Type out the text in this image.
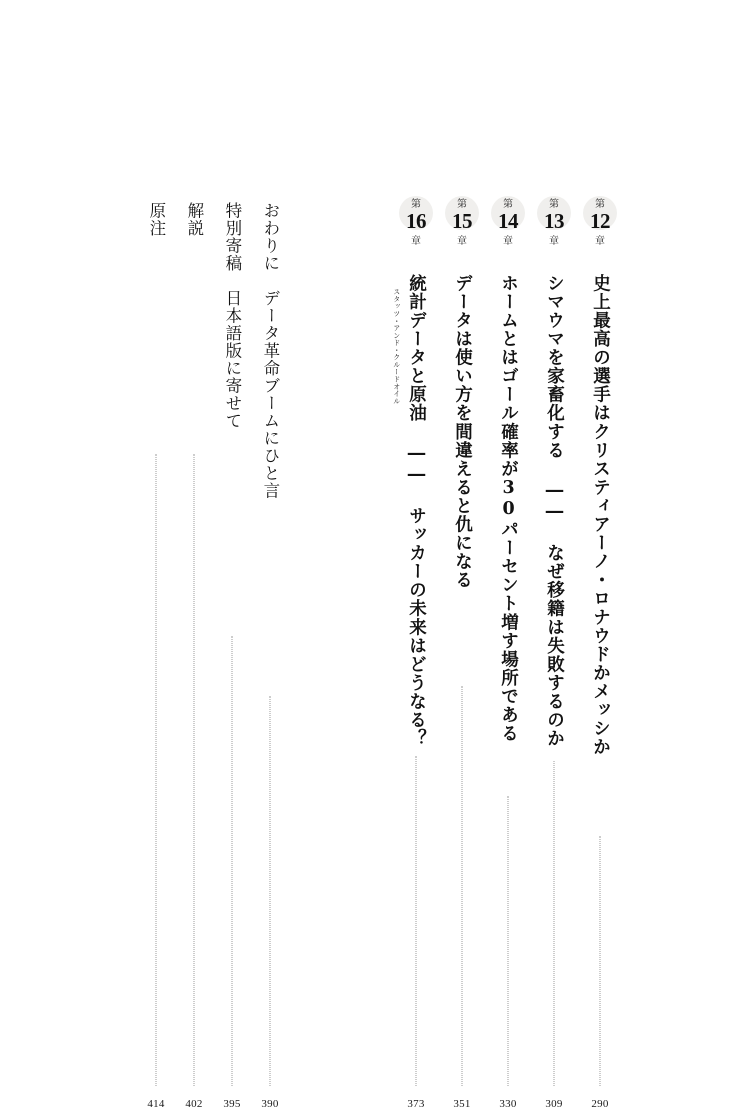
第
12
章
史上最高の選手はクリスティアーノ・ロナウドかメッシか
290
第
13
章
シマウマを家畜化する ―― なぜ移籍は失敗するのか
309
第
14
章
ホームとはゴール確率が30パーセント増す場所である
330
第
15
章
データは使い方を間違えると仇になる
351
第
16
章
スタッツ・アンド・クルードオイル 統計データと原油 ―― サッカーの未来はどうなる？
373
おわりに　データ革命ブームにひと言
390
特別寄稿　日本語版に寄せて
395
解説
402
原注
414
